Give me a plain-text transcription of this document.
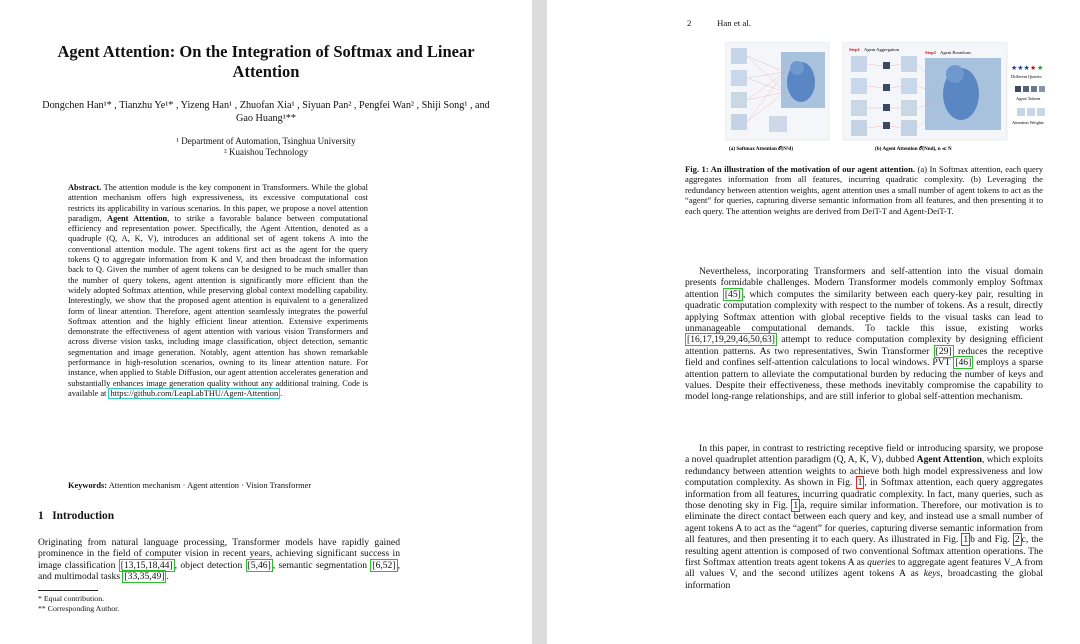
Agent Attention: On the Integration of Softmax and Linear Attention
Dongchen Han¹* , Tianzhu Ye¹* , Yizeng Han¹ , Zhuofan Xia¹ , Siyuan Pan² , Pengfei Wan² , Shiji Song¹ , and Gao Huang¹**
¹ Department of Automation, Tsinghua University
² Kuaishou Technology
Abstract. The attention module is the key component in Transformers. While the global attention mechanism offers high expressiveness, its excessive computational cost restricts its applicability in various scenarios. In this paper, we propose a novel attention paradigm, Agent Attention, to strike a favorable balance between computational efficiency and representation power. Specifically, the Agent Attention, denoted as a quadruple (Q, A, K, V), introduces an additional set of agent tokens A into the conventional attention module. The agent tokens first act as the agent for the query tokens Q to aggregate information from K and V, and then broadcast the information back to Q. Given the number of agent tokens can be designed to be much smaller than the number of query tokens, agent attention is significantly more efficient than the widely adopted Softmax attention, while preserving global context modelling capability. Interestingly, we show that the proposed agent attention is equivalent to a generalized form of linear attention. Therefore, agent attention seamlessly integrates the powerful Softmax attention and the highly efficient linear attention. Extensive experiments demonstrate the effectiveness of agent attention with various vision Transformers and across diverse vision tasks, including image classification, object detection, semantic segmentation and image generation. Notably, agent attention has shown remarkable performance in high-resolution scenarios, owning to its linear attention nature. For instance, when applied to Stable Diffusion, our agent attention accelerates generation and substantially enhances image generation quality without any additional training. Code is available at https://github.com/LeapLabTHU/Agent-Attention .
Keywords: Attention mechanism · Agent attention · Vision Transformer
1 Introduction
Originating from natural language processing, Transformer models have rapidly gained prominence in the field of computer vision in recent years, achieving significant success in image classification [13,15,18,44] , object detection [5,46] , semantic segmentation [6,52] , and multimodal tasks [33,35,49] .
* Equal contribution.
** Corresponding Author.
2	Han et al.
(a) Softmax Attention 𝒪(N²d)
Step1 Agent Aggregation
Step2 Agent Broadcast
(b) Agent Attention 𝒪(Nnd), n ≪ N
★★★ ★ ★
Different Queries
Agent Tokens
Attention Weights
Fig. 1: An illustration of the motivation of our agent attention. (a) In Softmax attention, each query aggregates information from all features, incurring quadratic complexity. (b) Leveraging the redundancy between attention weights, agent attention uses a small number of agent tokens to act as the “agent” for queries, capturing diverse semantic information from all features, and then presenting it to each query. The attention weights are derived from DeiT-T and Agent-DeiT-T.

Nevertheless, incorporating Transformers and self-attention into the visual domain presents formidable challenges. Modern Transformer models commonly employ Softmax attention [45] , which computes the similarity between each query-key pair, resulting in quadratic computation complexity with respect to the number of tokens. As a result, directly applying Softmax attention with global receptive fields to the visual tasks can lead to unmanageable computational demands. To tackle this issue, existing works [16,17,19,29,46,50,63] attempt to reduce computation complexity by designing efficient attention patterns. As two representatives, Swin Transformer [29] reduces the receptive field and confines self-attention calculations to local windows. PVT [46] employs a sparse attention pattern to alleviate the computational burden by reducing the number of keys and values. Despite their effectiveness, these methods inevitably compromise the capability to model long-range relationships, and are still inferior to global self-attention mechanism.

In this paper, in contrast to restricting receptive field or introducing sparsity, we propose a novel quadruplet attention paradigm (Q, A, K, V), dubbed Agent Attention, which exploits redundancy between attention weights to achieve both high model expressiveness and low computation complexity. As shown in Fig. 1 , in Softmax attention, each query aggregates information from all features, incurring quadratic complexity. In fact, many queries, such as those denoting sky in Fig. 1 a, require similar information. Therefore, our motivation is to eliminate the direct contact between each query and key, and instead use a small number of agent tokens A to act as the “agent” for queries, capturing diverse semantic information from all features, and then presenting it to each query. As illustrated in Fig. 1 b and Fig. 2 c, the resulting agent attention is composed of two conventional Softmax attention operations. The first Softmax attention treats agent tokens A as queries to aggregate agent features V_A from all values V, and the second utilizes agent tokens A as keys, broadcasting the global information
